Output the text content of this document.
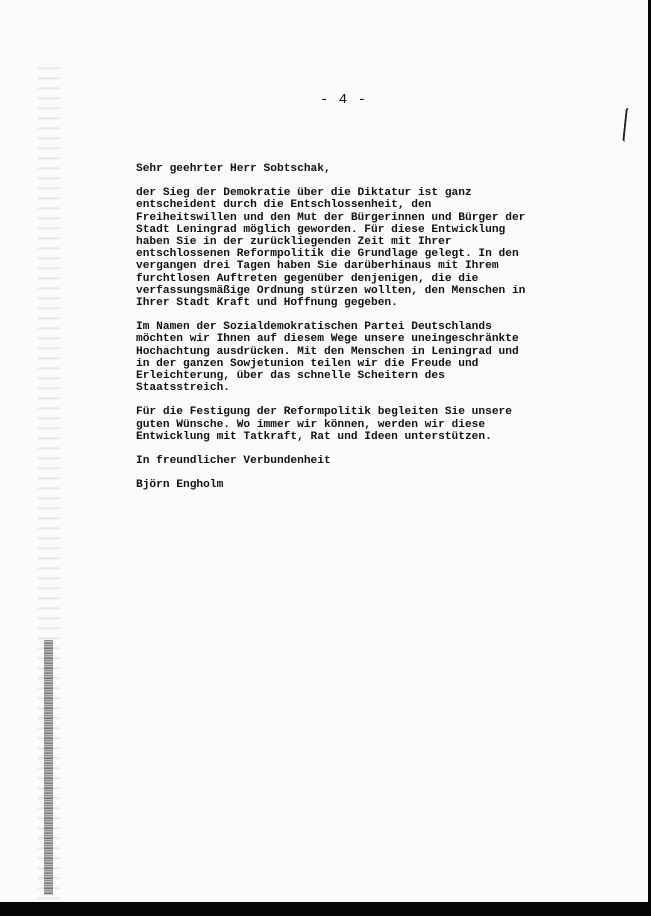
- 4 -

Sehr geehrter Herr Sobtschak,

der Sieg der Demokratie über die Diktatur ist ganz
entscheident durch die Entschlossenheit, den
Freiheitswillen und den Mut der Bürgerinnen und Bürger der
Stadt Leningrad möglich geworden. Für diese Entwicklung
haben Sie in der zurückliegenden Zeit mit Ihrer
entschlossenen Reformpolitik die Grundlage gelegt. In den
vergangen drei Tagen haben Sie darüberhinaus mit Ihrem
furchtlosen Auftreten gegenüber denjenigen, die die
verfassungsmäßige Ordnung stürzen wollten, den Menschen in
Ihrer Stadt Kraft und Hoffnung gegeben.

Im Namen der Sozialdemokratischen Partei Deutschlands
möchten wir Ihnen auf diesem Wege unsere uneingeschränkte
Hochachtung ausdrücken. Mit den Menschen in Leningrad und
in der ganzen Sowjetunion teilen wir die Freude und
Erleichterung, über das schnelle Scheitern des
Staatsstreich.

Für die Festigung der Reformpolitik begleiten Sie unsere
guten Wünsche. Wo immer wir können, werden wir diese
Entwicklung mit Tatkraft, Rat und Ideen unterstützen.

In freundlicher Verbundenheit

Björn Engholm
